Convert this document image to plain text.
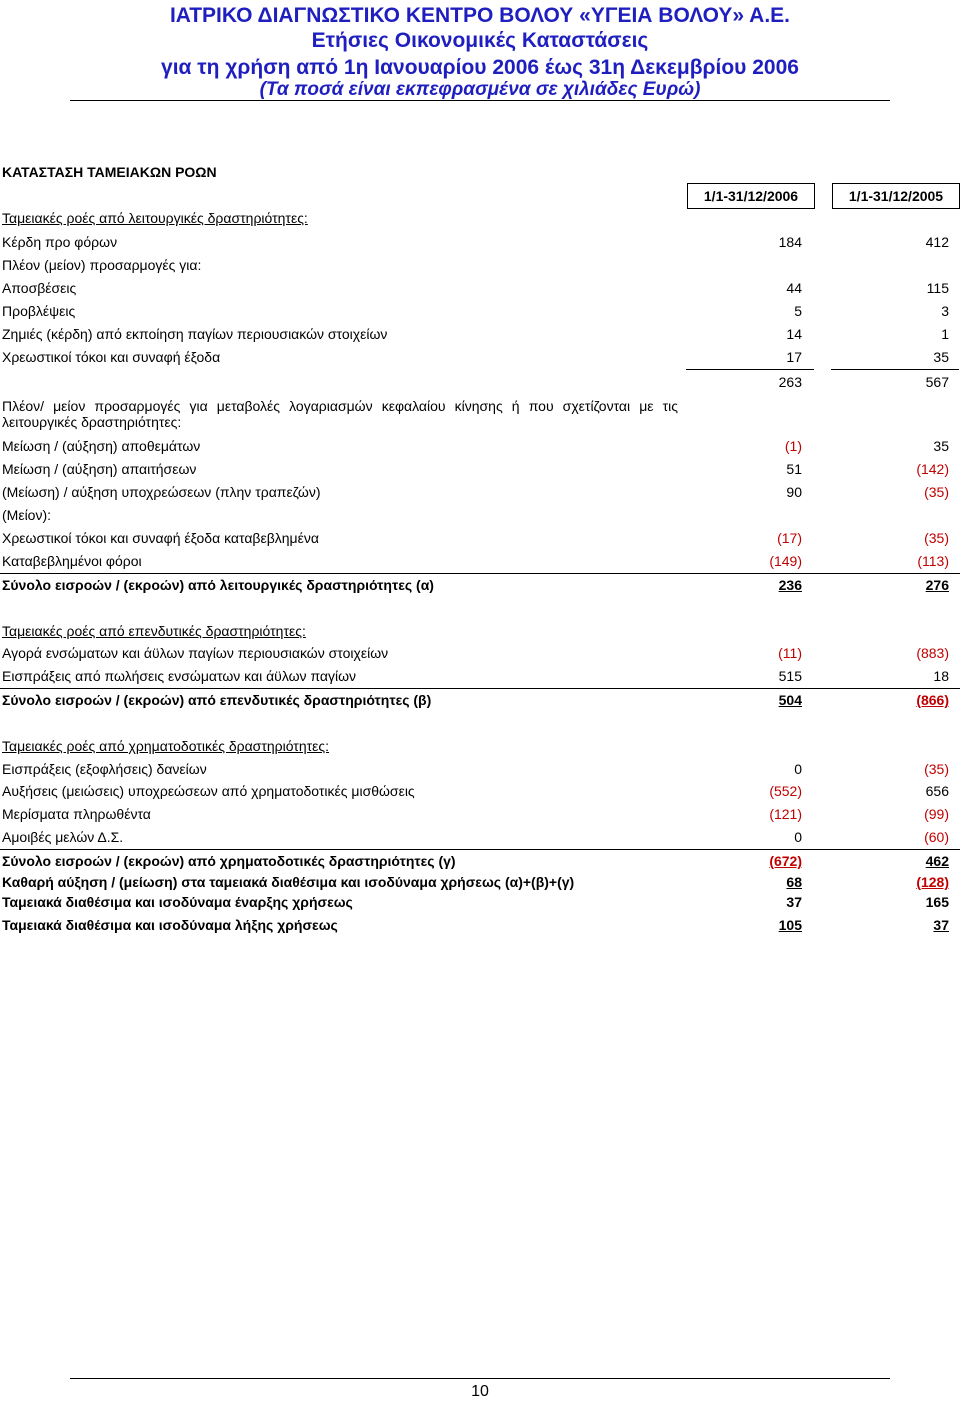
ΙΑΤΡΙΚΟ ΔΙΑΓΝΩΣΤΙΚΟ ΚΕΝΤΡΟ ΒΟΛΟΥ «ΥΓΕΙΑ ΒΟΛΟΥ» Α.Ε.
Ετήσιες Οικονομικές Καταστάσεις
για τη χρήση από 1η Ιανουαρίου 2006 έως 31η Δεκεμβρίου 2006
(Τα ποσά είναι εκπεφρασμένα σε χιλιάδες Ευρώ)
ΚΑΤΑΣΤΑΣΗ ΤΑΜΕΙΑΚΩΝ ΡΟΩΝ
1/1-31/12/2006	1/1-31/12/2005
Ταμειακές ροές από λειτουργικές δραστηριότητες:
Κέρδη προ φόρων	184	412
Πλέον (μείον) προσαρμογές για:
Αποσβέσεις	44	115
Προβλέψεις	5	3
Ζημιές (κέρδη) από εκποίηση παγίων περιουσιακών στοιχείων	14	1
Χρεωστικοί τόκοι και συναφή έξοδα	17	35
263	567
Πλέον/ μείον προσαρμογές για μεταβολές λογαριασμών κεφαλαίου κίνησης ή που σχετίζονται με τις λειτουργικές δραστηριότητες:
Μείωση / (αύξηση) αποθεμάτων	(1)	35
Μείωση / (αύξηση) απαιτήσεων	51	(142)
(Μείωση) / αύξηση υποχρεώσεων (πλην τραπεζών)	90	(35)
(Μείον):
Χρεωστικοί τόκοι και συναφή έξοδα καταβεβλημένα	(17)	(35)
Καταβεβλημένοι φόροι	(149)	(113)
Σύνολο εισροών / (εκροών) από λειτουργικές δραστηριότητες (α)	236	276
Ταμειακές ροές από επενδυτικές δραστηριότητες:
Αγορά ενσώματων και άϋλων παγίων περιουσιακών στοιχείων	(11)	(883)
Εισπράξεις από πωλήσεις ενσώματων και άϋλων παγίων	515	18
Σύνολο εισροών / (εκροών) από επενδυτικές δραστηριότητες (β)	504	(866)
Ταμειακές ροές από χρηματοδοτικές δραστηριότητες:
Εισπράξεις (εξοφλήσεις) δανείων	0	(35)
Αυξήσεις (μειώσεις) υποχρεώσεων από χρηματοδοτικές μισθώσεις	(552)	656
Μερίσματα πληρωθέντα	(121)	(99)
Αμοιβές μελών Δ.Σ.	0	(60)
Σύνολο εισροών / (εκροών) από χρηματοδοτικές δραστηριότητες (γ)	(672)	462
Καθαρή αύξηση / (μείωση) στα ταμειακά διαθέσιμα και ισοδύναμα χρήσεως (α)+(β)+(γ)	68	(128)
Ταμειακά διαθέσιμα και ισοδύναμα έναρξης χρήσεως	37	165
Ταμειακά διαθέσιμα και ισοδύναμα λήξης χρήσεως	105	37
10
